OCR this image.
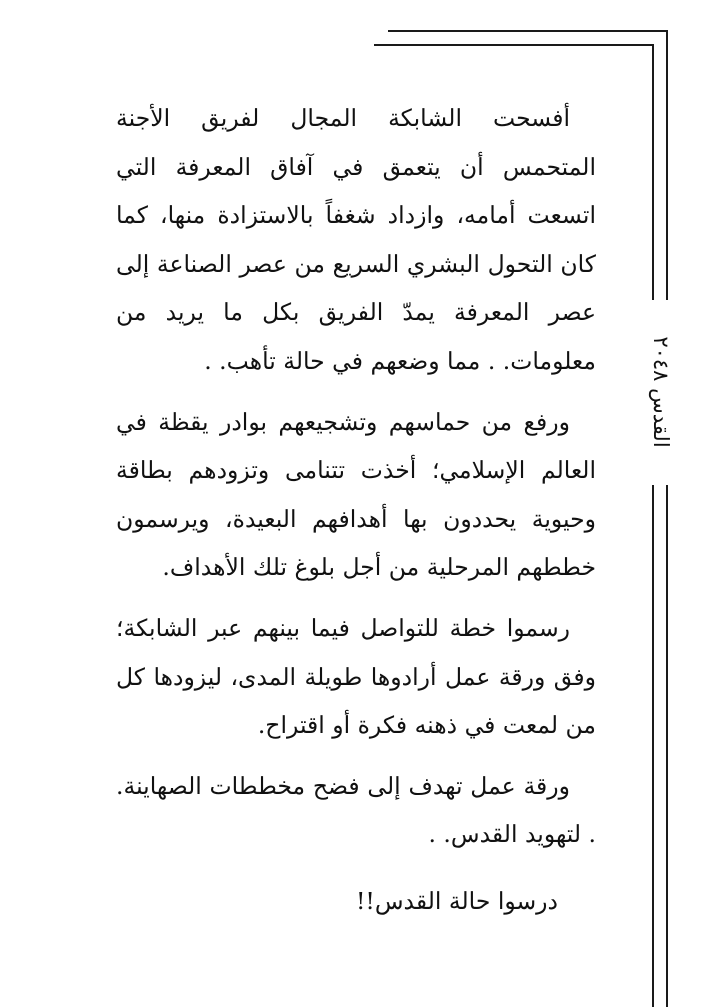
القدس ٢٠٤٨

أفسحت الشابكة المجال لفريق الأجنة المتحمس أن يتعمق في آفاق المعرفة التي اتسعت أمامه، وازداد شغفاً بالاستزادة منها، كما كان التحول البشري السريع من عصر الصناعة إلى عصر المعرفة يمدّ الفريق بكل ما يريد من معلومات. . مما وضعهم في حالة تأهب. .

ورفع من حماسهم وتشجيعهم بوادر يقظة في العالم الإسلامي؛ أخذت تتنامى وتزودهم بطاقة وحيوية يحددون بها أهدافهم البعيدة، ويرسمون خططهم المرحلية من أجل بلوغ تلك الأهداف.

رسموا خطة للتواصل فيما بينهم عبر الشابكة؛ وفق ورقة عمل أرادوها طويلة المدى، ليزودها كل من لمعت في ذهنه فكرة أو اقتراح.

ورقة عمل تهدف إلى فضح مخططات الصهاينة. . لتهويد القدس. .

درسوا حالة القدس!!
